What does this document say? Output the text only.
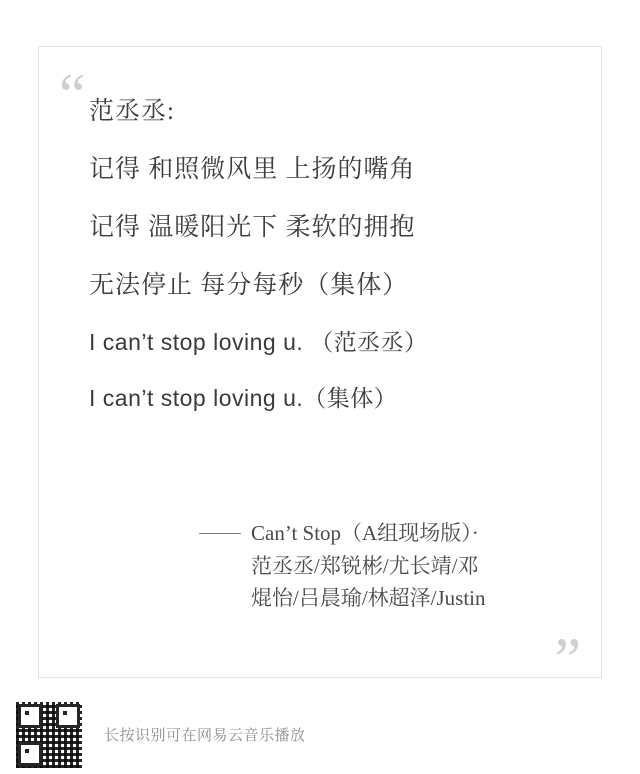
“
”
范丞丞:
记得 和照微风里 上扬的嘴角
记得 温暖阳光下 柔软的拥抱
无法停止 每分每秒（集体）
I can’t stop loving u. （范丞丞）
I can’t stop loving u.（集体）
Can’t Stop（A组现场版）·
范丞丞/郑锐彬/尤长靖/邓
焜怡/吕晨瑜/林超泽/Justin
长按识别可在网易云音乐播放
